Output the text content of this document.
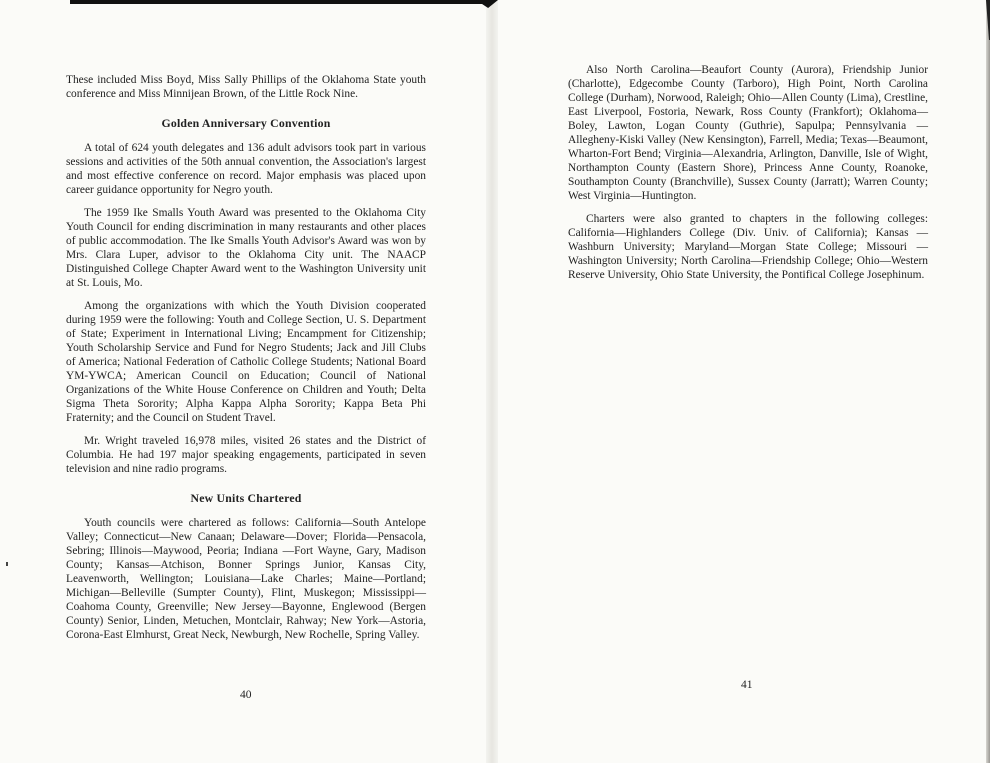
These included Miss Boyd, Miss Sally Phillips of the Oklahoma State youth conference and Miss Minnijean Brown, of the Little Rock Nine.

Golden Anniversary Convention

A total of 624 youth delegates and 136 adult advisors took part in various sessions and activities of the 50th annual convention, the Association's largest and most effective conference on record. Major emphasis was placed upon career guidance opportunity for Negro youth.

The 1959 Ike Smalls Youth Award was presented to the Oklahoma City Youth Council for ending discrimination in many restaurants and other places of public accommodation. The Ike Smalls Youth Advisor's Award was won by Mrs. Clara Luper, advisor to the Oklahoma City unit. The NAACP Distinguished College Chapter Award went to the Washington University unit at St. Louis, Mo.

Among the organizations with which the Youth Division cooperated during 1959 were the following: Youth and College Section, U. S. Department of State; Experiment in International Living; Encampment for Citizenship; Youth Scholarship Service and Fund for Negro Students; Jack and Jill Clubs of America; National Federation of Catholic College Students; National Board YM-YWCA; American Council on Education; Council of National Organizations of the White House Conference on Children and Youth; Delta Sigma Theta Sorority; Alpha Kappa Alpha Sorority; Kappa Beta Phi Fraternity; and the Council on Student Travel.

Mr. Wright traveled 16,978 miles, visited 26 states and the District of Columbia. He had 197 major speaking engagements, participated in seven television and nine radio programs.

New Units Chartered

Youth councils were chartered as follows: California—South Antelope Valley; Connecticut—New Canaan; Delaware—Dover; Florida—Pensacola, Sebring; Illinois—Maywood, Peoria; Indiana —Fort Wayne, Gary, Madison County; Kansas—Atchison, Bonner Springs Junior, Kansas City, Leavenworth, Wellington; Louisiana—Lake Charles; Maine—Portland; Michigan—Belleville (Sumpter County), Flint, Muskegon; Mississippi—Coahoma County, Greenville; New Jersey—Bayonne, Englewood (Bergen County) Senior, Linden, Metuchen, Montclair, Rahway; New York—Astoria, Corona-East Elmhurst, Great Neck, Newburgh, New Rochelle, Spring Valley.

40

Also North Carolina—Beaufort County (Aurora), Friendship Junior (Charlotte), Edgecombe County (Tarboro), High Point, North Carolina College (Durham), Norwood, Raleigh; Ohio—Allen County (Lima), Crestline, East Liverpool, Fostoria, Newark, Ross County (Frankfort); Oklahoma—Boley, Lawton, Logan County (Guthrie), Sapulpa; Pennsylvania — Allegheny-Kiski Valley (New Kensington), Farrell, Media; Texas—Beaumont, Wharton-Fort Bend; Virginia—Alexandria, Arlington, Danville, Isle of Wight, Northampton County (Eastern Shore), Princess Anne County, Roanoke, Southampton County (Branchville), Sussex County (Jarratt); Warren County; West Virginia—Huntington.

Charters were also granted to chapters in the following colleges: California—Highlanders College (Div. Univ. of California); Kansas —Washburn University; Maryland—Morgan State College; Missouri —Washington University; North Carolina—Friendship College; Ohio—Western Reserve University, Ohio State University, the Pontifical College Josephinum.

41
